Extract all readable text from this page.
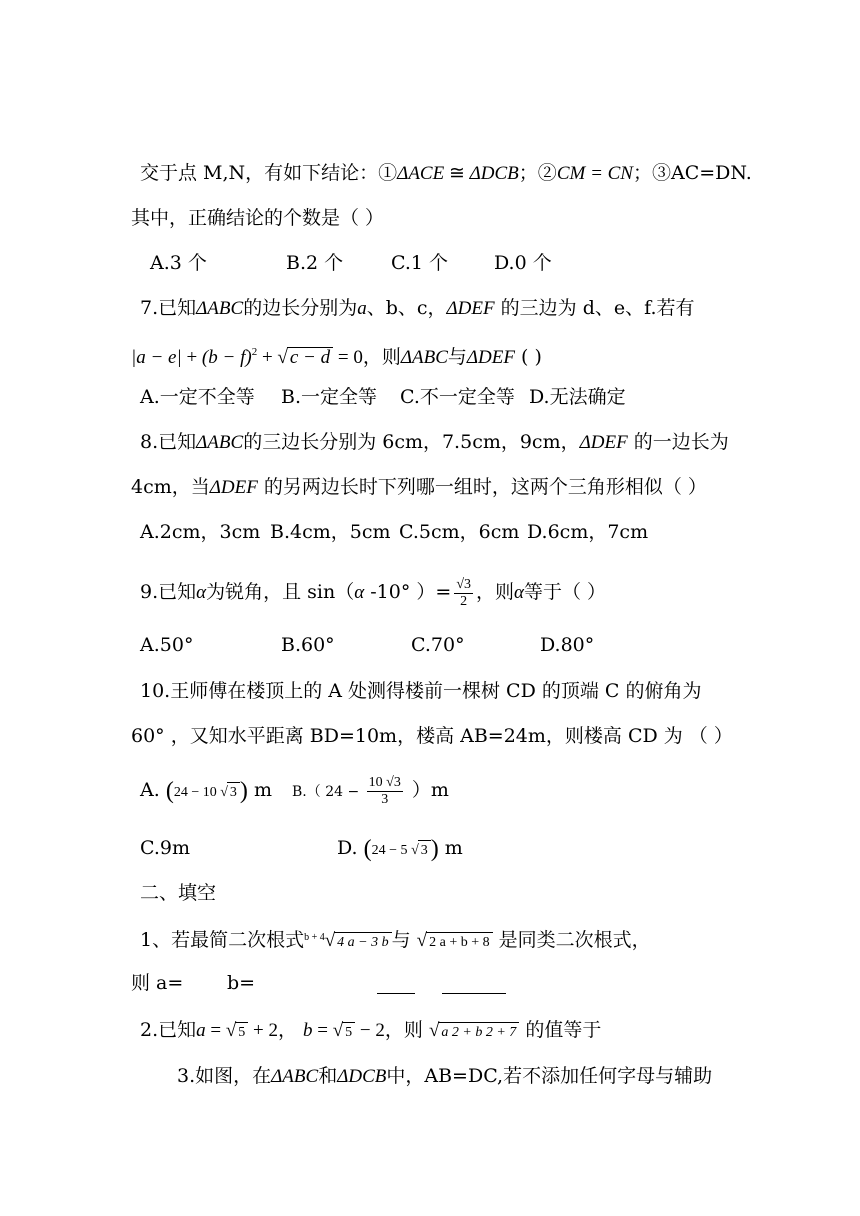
交于点 M,N，有如下结论：①ΔACE ≅ ΔDCB；②CM = CN；③AC=DN.
其中，正确结论的个数是（ ）
A.3 个	B.2 个	C.1 个 D.0 个
7.已知ΔABC的边长分别为a、b、c，ΔDEF 的三边为 d、e、f.若有
$|a - e| + (b - f)^2$ + √ c − d = 0，则ΔABC与ΔDEF ( )
A.一定不全等 B.一定全等 C.不一定全等 D.无法确定
8.已知ΔABC的三边长分别为 6cm，7.5cm，9cm，ΔDEF 的一边长为
4cm，当ΔDEF 的另两边长时下列哪一组时，这两个三角形相似（ ）
A.2cm，3cm B.4cm，5cm C.5cm，6cm D.6cm，7cm
9.已知α为锐角，且 sin（α -10° ）= $\frac{√3}{2}$ ，则α等于（ ）
A.50°	B.60°	C.70°	D.80°
10.王师傅在楼顶上的 A 处测得楼前一棵树 CD 的顶端 C 的俯角为
60° ，又知水平距离 BD=10m，楼高 AB=24m，则楼高 CD 为 （ ）
A. (24 − 10 √ 3 ) m B.（ $24 - \frac{10 √3}{3} )m$
C.9m	D. (24 − 5 √ 3 ) m
二、填空
1、若最简二次根式$^{b + 4}$√ 4 a − 3 b 与 √ 2 a + b + 8 是同类二次根式，
则 a= b=
2.已知a = √ 5 + 2， b = √ 5 − 2，则 √ a 2 + b 2 + 7 的值等于
3.如图，在ΔABC和ΔDCB中，AB=DC,若不添加任何字母与辅助
